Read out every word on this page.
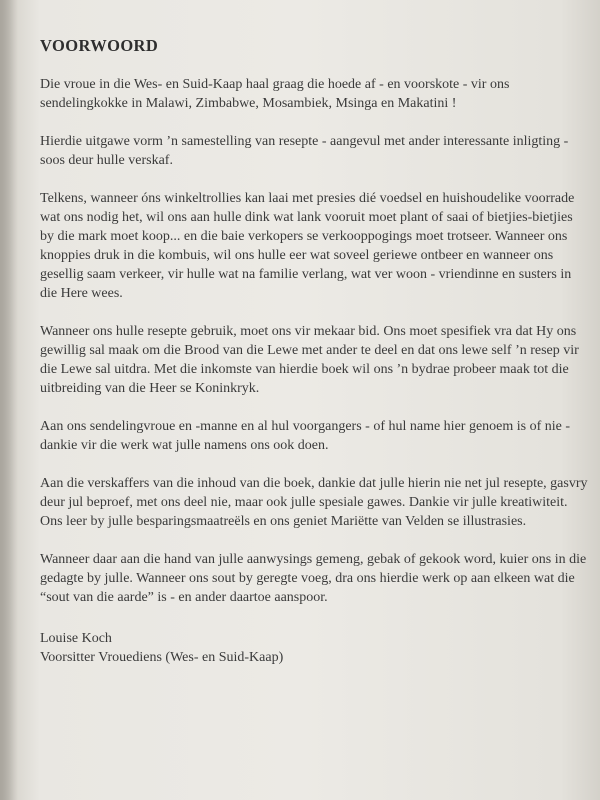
VOORWOORD

Die vroue in die Wes- en Suid-Kaap haal graag die hoede af - en voorskote - vir ons sendelingkokke in Malawi, Zimbabwe, Mosambiek, Msinga en Makatini !

Hierdie uitgawe vorm ’n samestelling van resepte - aangevul met ander interessante inligting - soos deur hulle verskaf.

Telkens, wanneer óns winkeltrollies kan laai met presies dié voedsel en huishoudelike voorrade wat ons nodig het, wil ons aan hulle dink wat lank vooruit moet plant of saai of bietjies-bietjies by die mark moet koop... en die baie verkopers se verkooppogings moet trotseer. Wanneer ons knoppies druk in die kombuis, wil ons hulle eer wat soveel geriewe ontbeer en wanneer ons gesellig saam verkeer, vir hulle wat na familie verlang, wat ver woon - vriendinne en susters in die Here wees.

Wanneer ons hulle resepte gebruik, moet ons vir mekaar bid. Ons moet spesifiek vra dat Hy ons gewillig sal maak om die Brood van die Lewe met ander te deel en dat ons lewe self ’n resep vir die Lewe sal uitdra. Met die inkomste van hierdie boek wil ons ’n bydrae probeer maak tot die uitbreiding van die Heer se Koninkryk.

Aan ons sendelingvroue en -manne en al hul voorgangers - of hul name hier genoem is of nie - dankie vir die werk wat julle namens ons ook doen.

Aan die verskaffers van die inhoud van die boek, dankie dat julle hierin nie net jul resepte, gasvry deur jul beproef, met ons deel nie, maar ook julle spesiale gawes. Dankie vir julle kreatiwiteit. Ons leer by julle besparingsmaatreëls en ons geniet Mariëtte van Velden se illustrasies.

Wanneer daar aan die hand van julle aanwysings gemeng, gebak of gekook word, kuier ons in die gedagte by julle. Wanneer ons sout by geregte voeg, dra ons hierdie werk op aan elkeen wat die “sout van die aarde” is - en ander daartoe aanspoor.

Louise Koch
Voorsitter Vrouediens (Wes- en Suid-Kaap)
